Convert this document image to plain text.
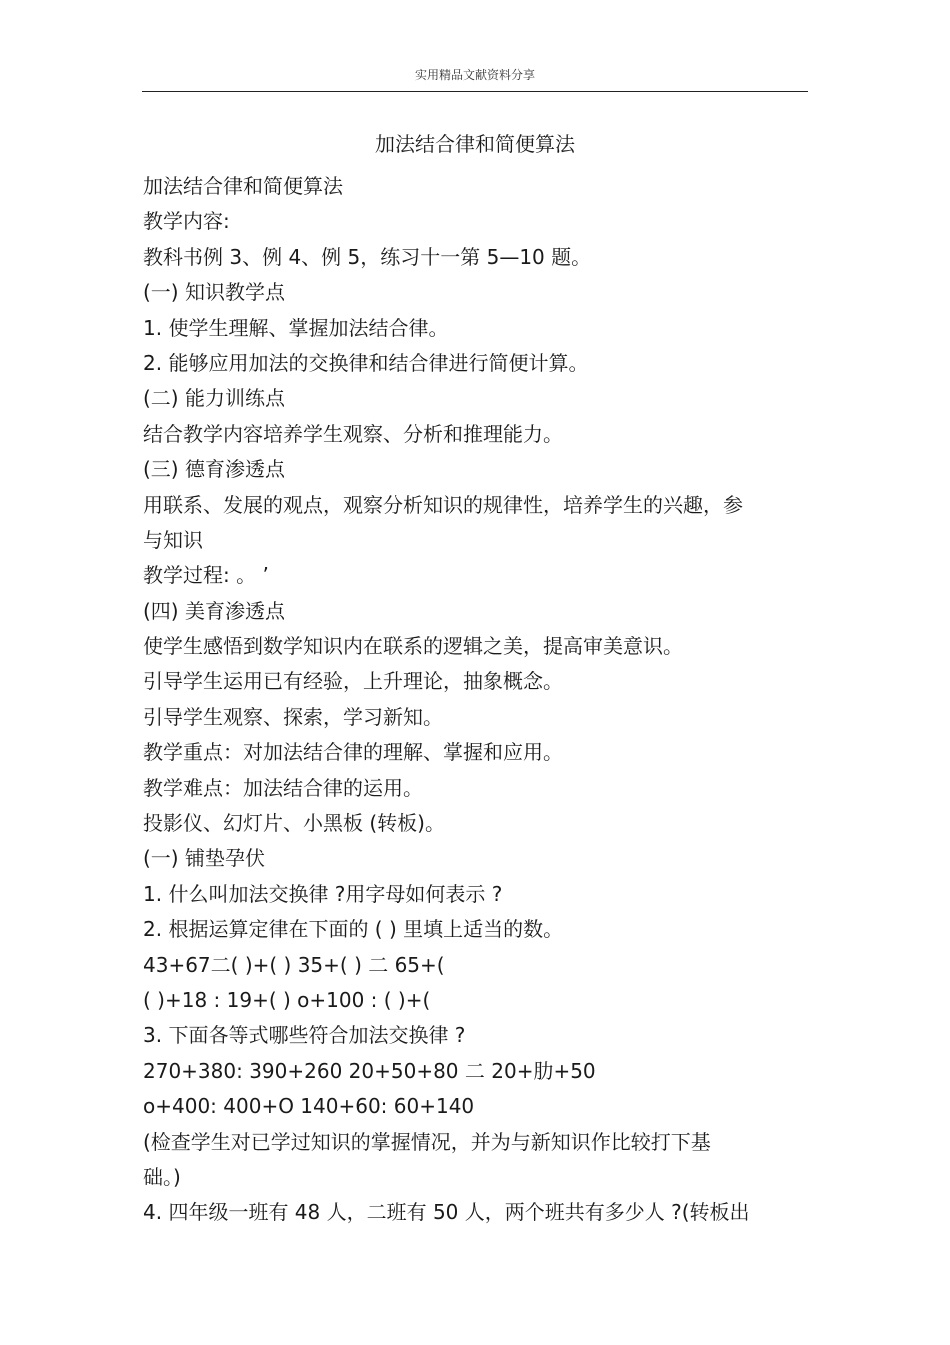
实用精品文献资料分享
加法结合律和简便算法
加法结合律和简便算法
教学内容:
教科书例 3、例 4、例 5，练习十一第 5—10 题。
(一) 知识教学点
1. 使学生理解、掌握加法结合律。
2. 能够应用加法的交换律和结合律进行简便计算。
(二) 能力训练点
结合教学内容培养学生观察、分析和推理能力。
(三) 德育渗透点
用联系、发展的观点，观察分析知识的规律性，培养学生的兴趣，参
与知识
教学过程: 。 ’
(四) 美育渗透点
使学生感悟到数学知识内在联系的逻辑之美，提高审美意识。
引导学生运用已有经验，上升理论，抽象概念。
引导学生观察、探索，学习新知。
教学重点：对加法结合律的理解、掌握和应用。
教学难点：加法结合律的运用。
投影仪、幻灯片、小黑板 (转板)。
(一) 铺垫孕伏
1. 什么叫加法交换律 ?用字母如何表示 ?
2. 根据运算定律在下面的 ( ) 里填上适当的数。
43+67二( )+( ) 35+( ) 二 65+(
( )+18 : 19+( ) o+100 : ( )+(
3. 下面各等式哪些符合加法交换律 ?
270+380: 390+260 20+50+80 二 20+肋+50
o+400: 400+O 140+60: 60+140
(检查学生对已学过知识的掌握情况，并为与新知识作比较打下基
础。)
4. 四年级一班有 48 人，二班有 50 人，两个班共有多少人 ?(转板出
